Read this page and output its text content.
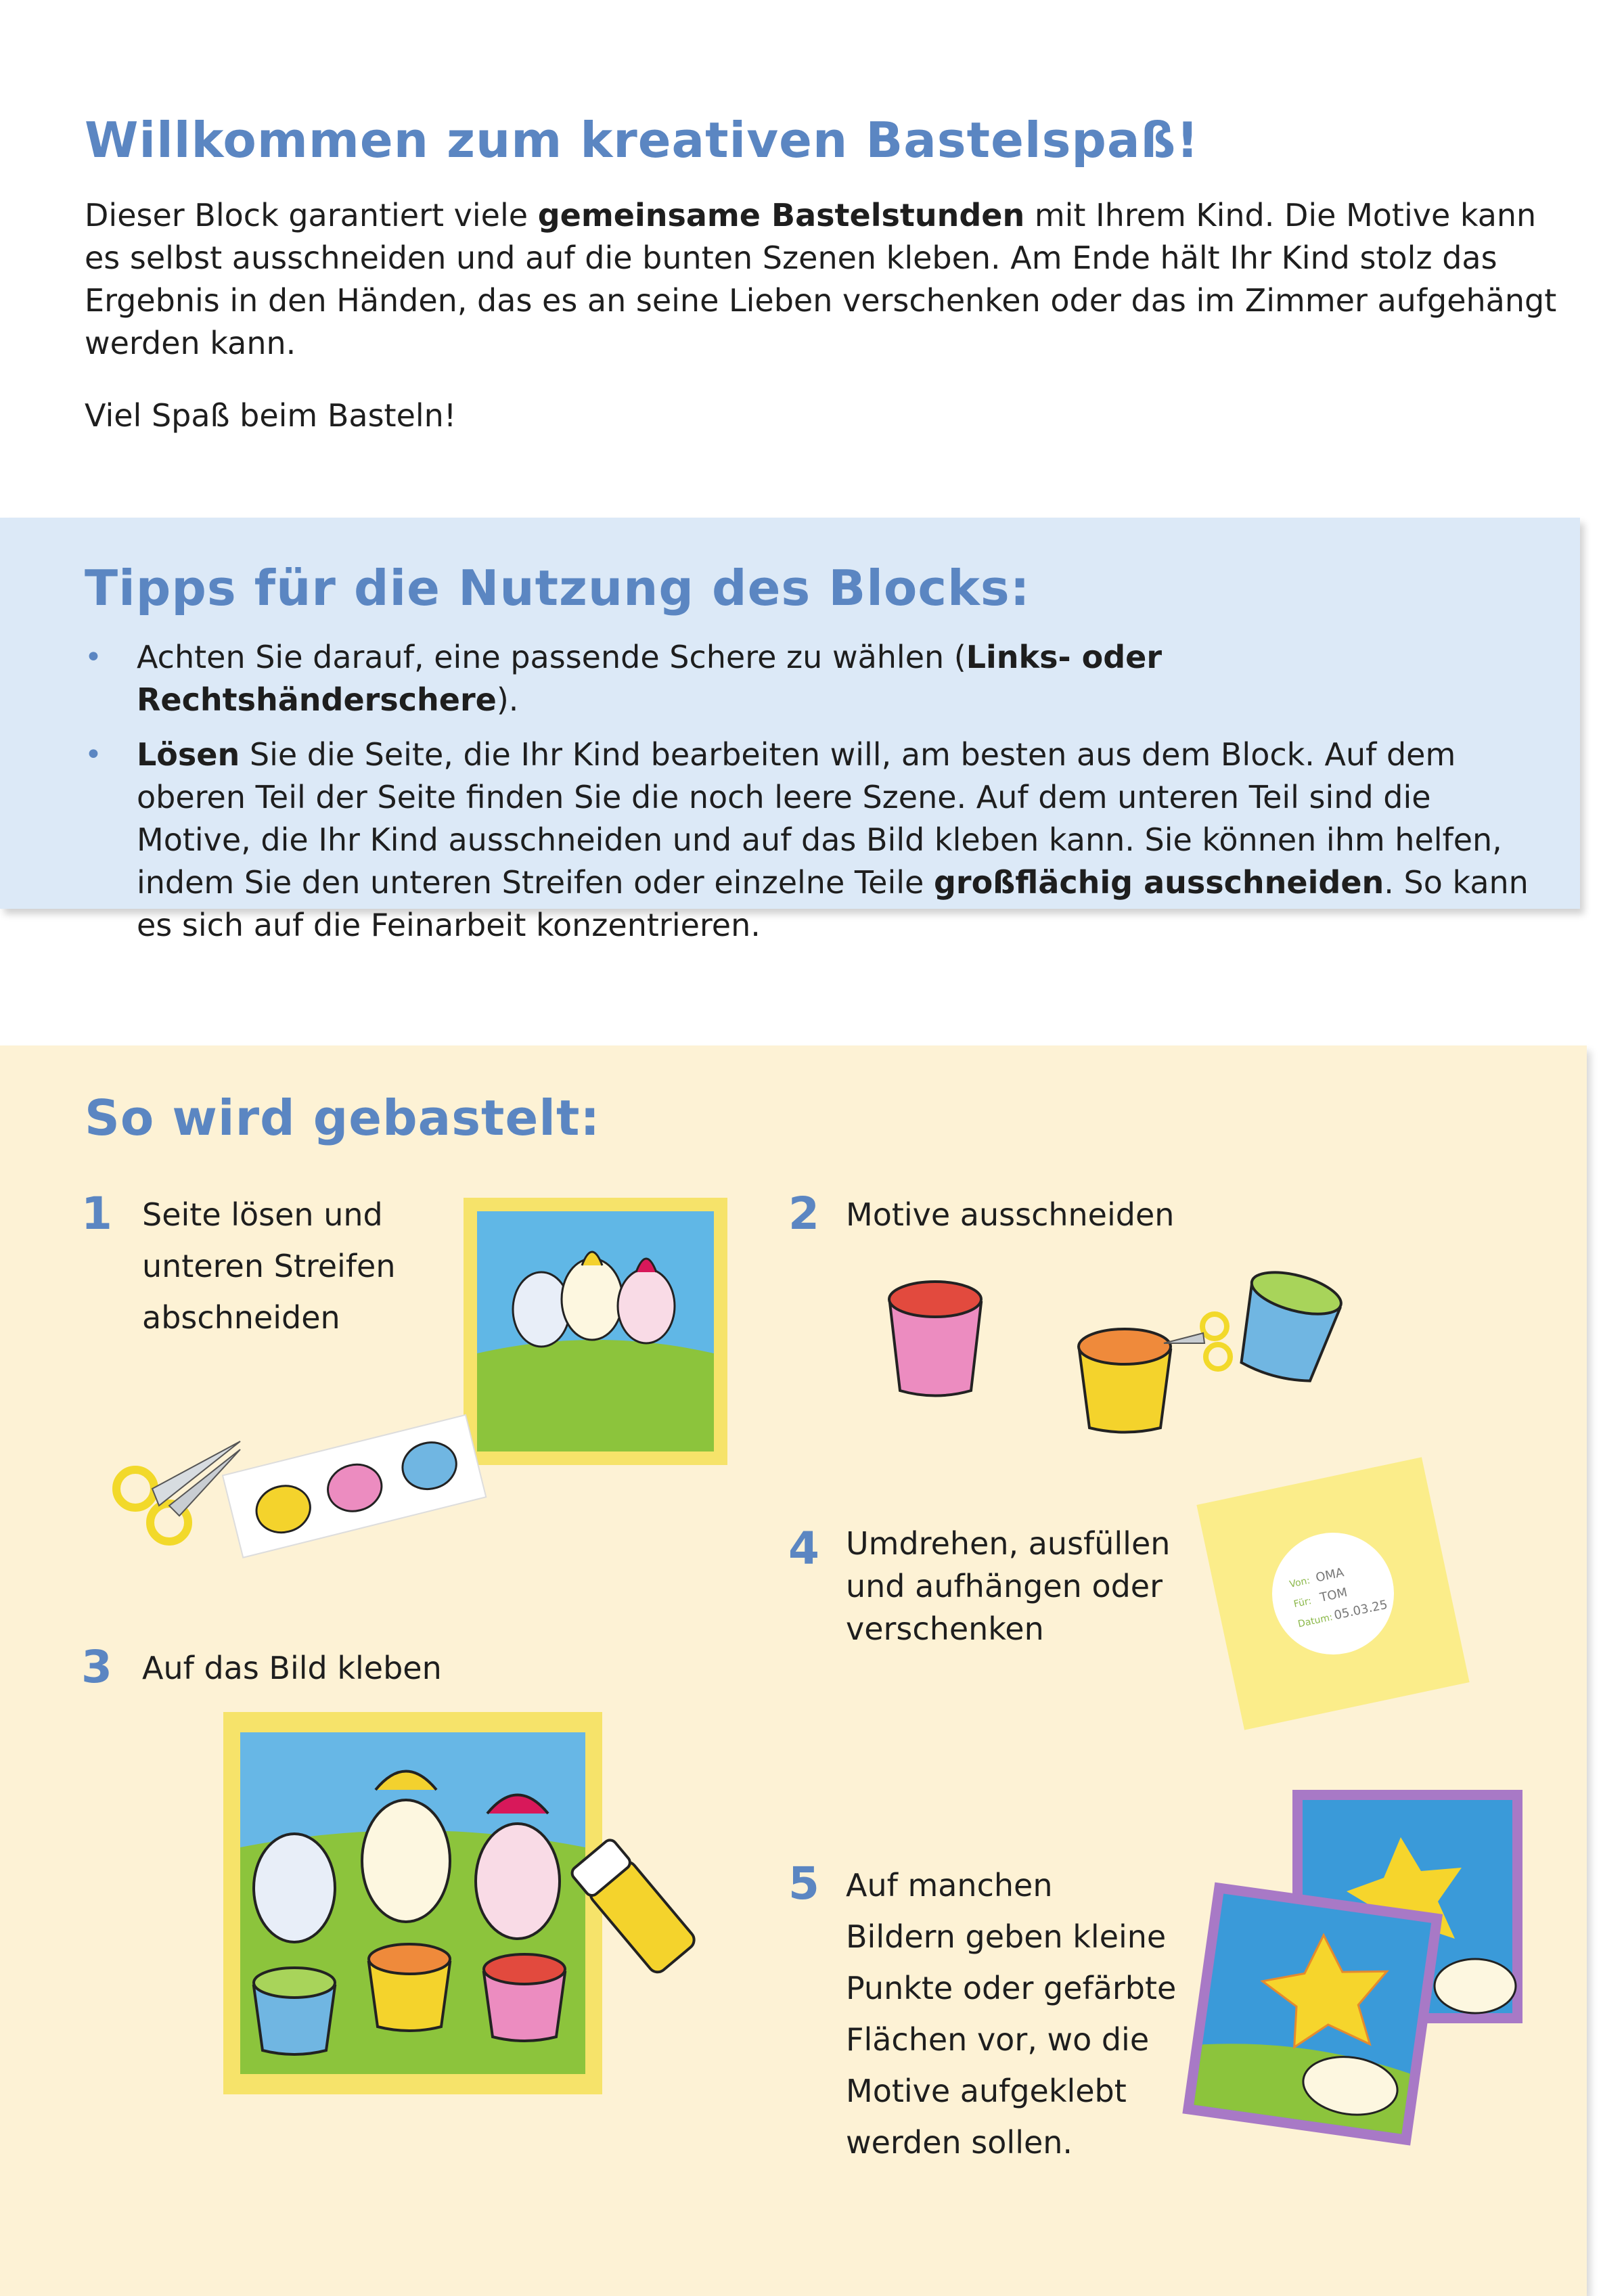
Willkommen zum kreativen Bastelspaß!

Dieser Block garantiert viele gemeinsame Bastelstunden mit Ihrem Kind. Die Motive kann es selbst ausschneiden und auf die bunten Szenen kleben. Am Ende hält Ihr Kind stolz das Ergebnis in den Händen, das es an seine Lieben verschenken oder das im Zimmer aufgehängt werden kann.

Viel Spaß beim Basteln!

Tipps für die Nutzung des Blocks:
• Achten Sie darauf, eine passende Schere zu wählen (Links- oder Rechtshänderschere).
• Lösen Sie die Seite, die Ihr Kind bearbeiten will, am besten aus dem Block. Auf dem oberen Teil der Seite finden Sie die noch leere Szene. Auf dem unteren Teil sind die Motive, die Ihr Kind ausschneiden und auf das Bild kleben kann. Sie können ihm helfen, indem Sie den unteren Streifen oder einzelne Teile großflächig ausschneiden. So kann es sich auf die Feinarbeit konzentrieren.
So wird gebastelt:
1 Seite lösen und
unteren Streifen
abschneiden
2 Motive ausschneiden
3 Auf das Bild kleben
4 Umdrehen, ausfüllen
und aufhängen oder
verschenken
Von: OMA
Für: TOM
Datum:
05.03.25
5 Auf manchen
Bildern geben kleine
Punkte oder gefärbte
Flächen vor, wo die
Motive aufgeklebt
werden sollen.
